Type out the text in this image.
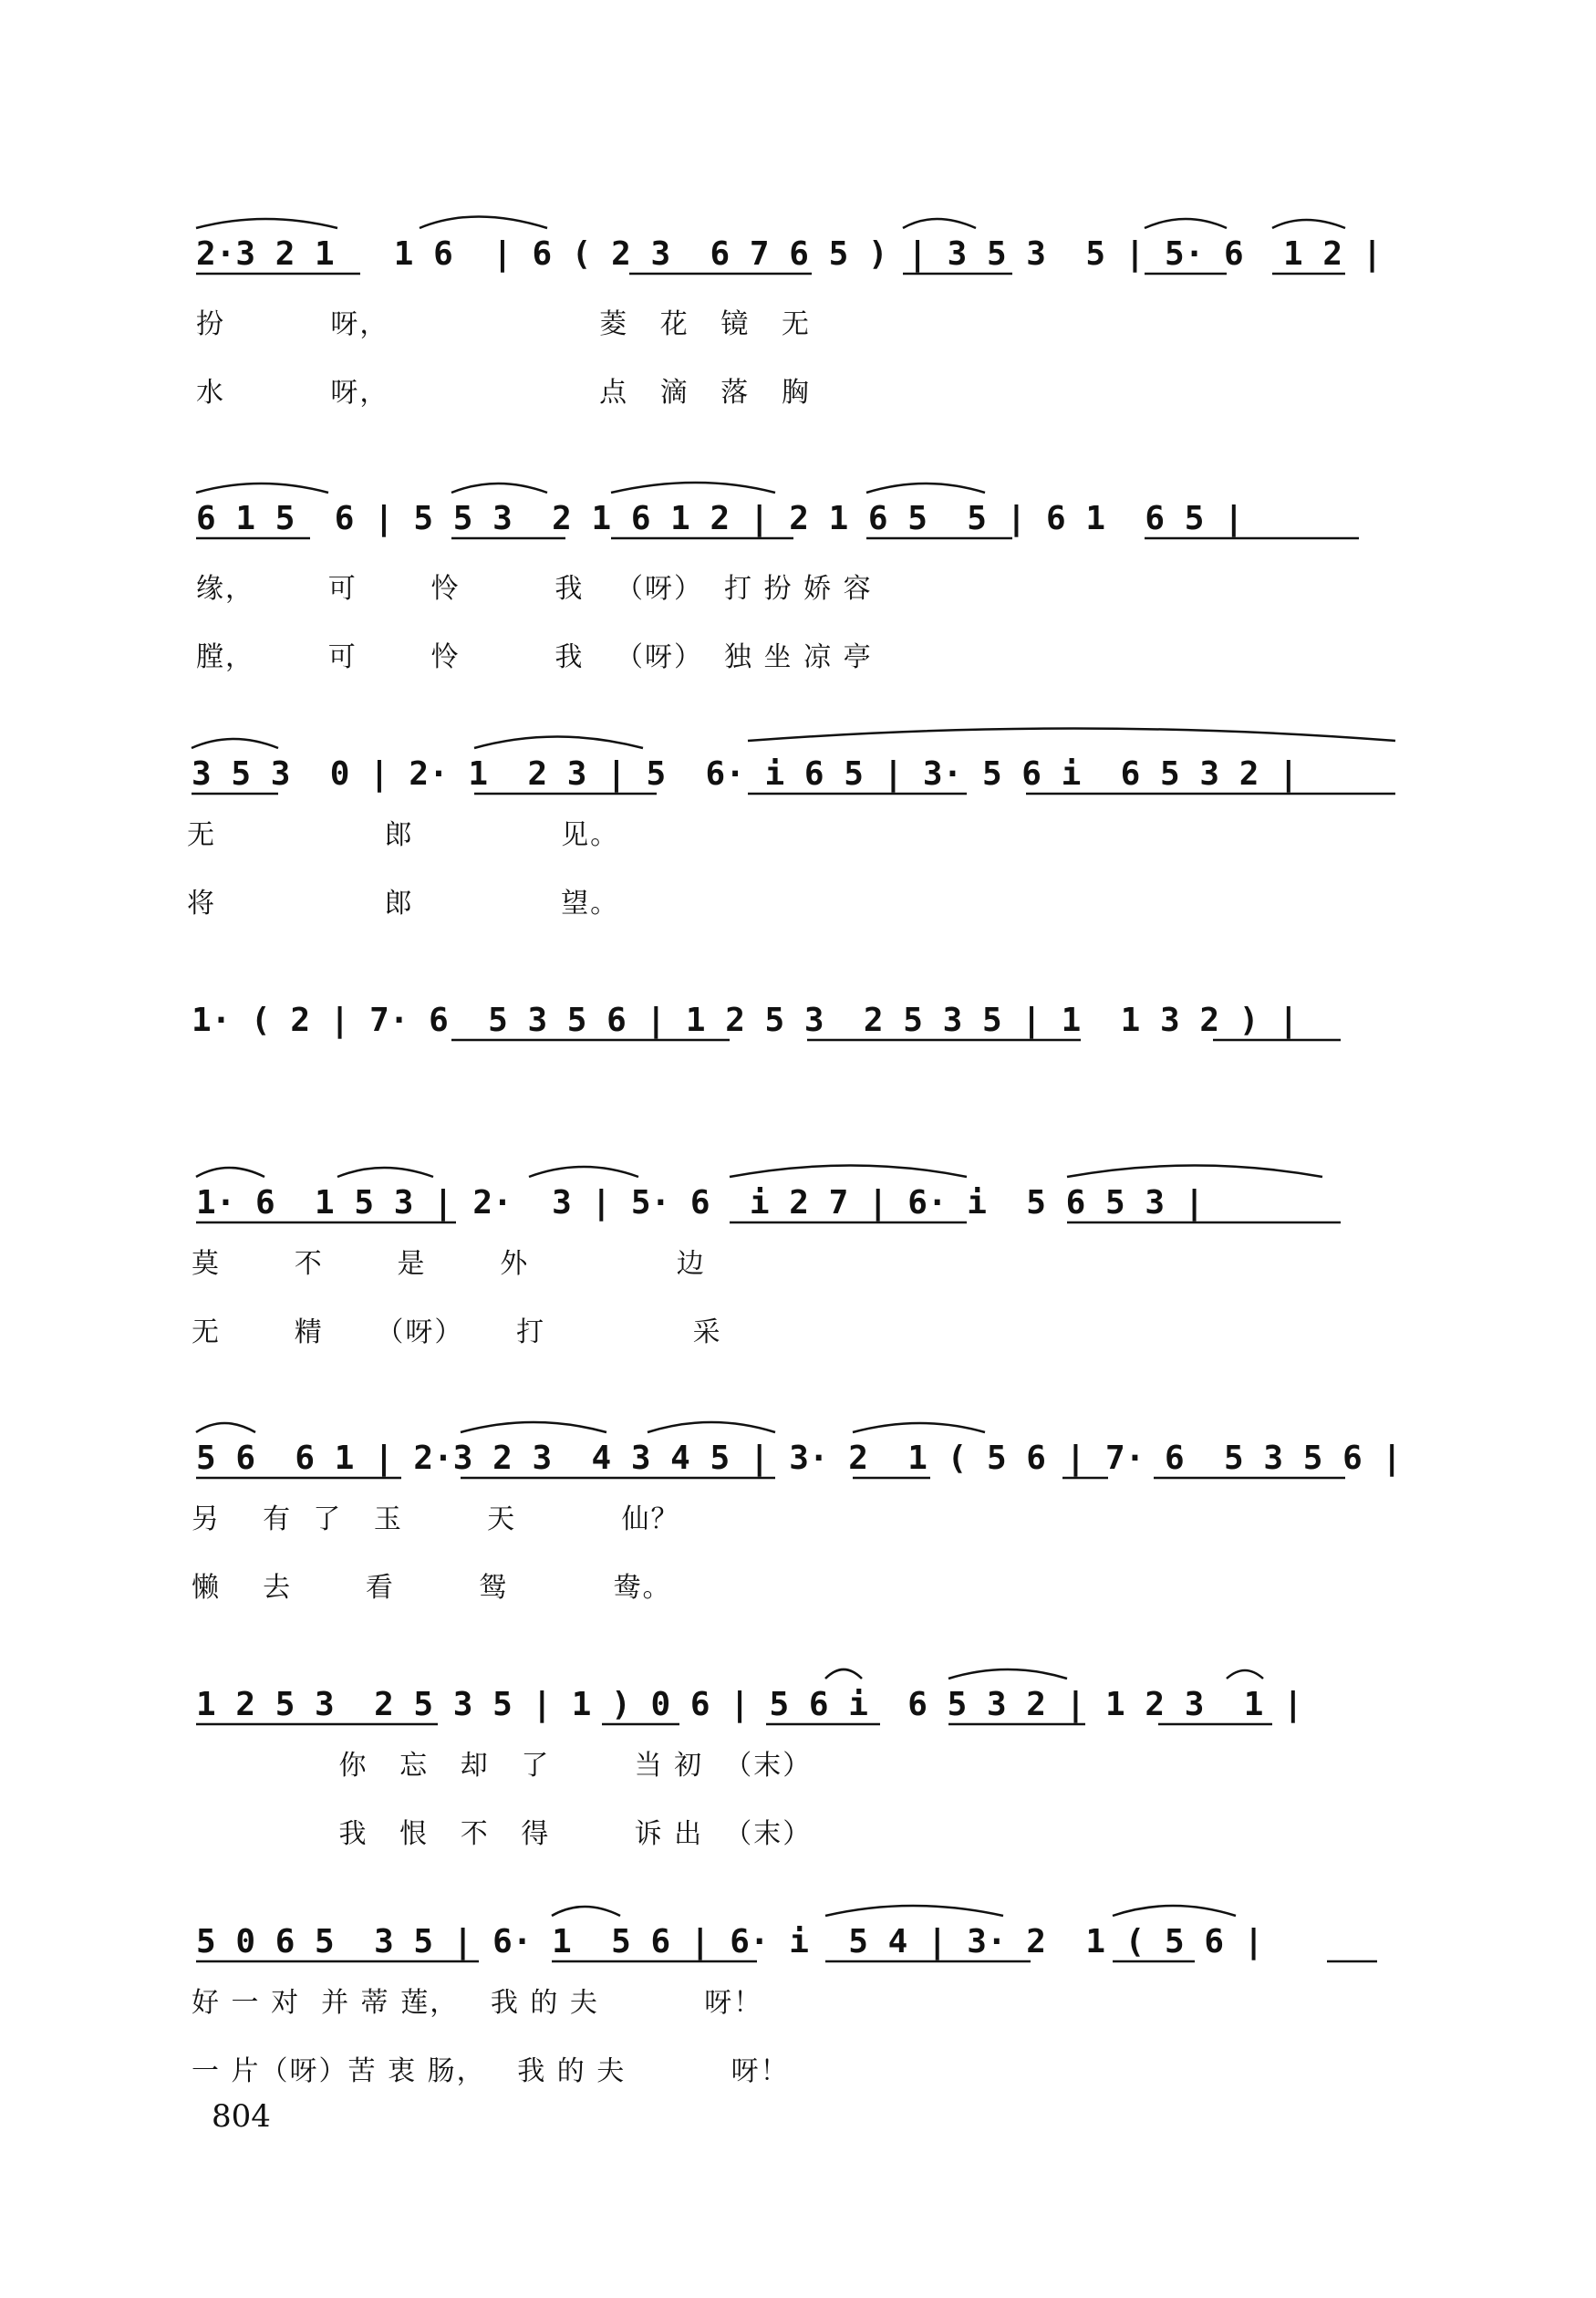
2·3 2 1   1 6  | 6 ( 2 3  6 7 6 5 ) | 3 5 3  5 | 5· 6  1 2 |
扮          呀，                    菱   花   镜   无
水          呀，                    点   滴   落   胸
6 1 5  6 | 5 5 3  2 1 6 1 2 | 2 1 6 5  5 | 6 1  6 5 |
缘，       可       怜         我   （呀）  打 扮 娇 容
膛，       可       怜         我   （呀）  独 坐 凉 亭
3 5 3  0 | 2· 1  2 3 | 5  6· i 6 5 | 3· 5 6 i  6 5 3 2 |
无                郎              见。
将                郎              望。
1· ( 2 | 7· 6  5 3 5 6 | 1 2 5 3  2 5 3 5 | 1  1 3 2 ) |
1· 6  1 5 3 | 2·  3 | 5· 6  i 2 7 | 6· i  5 6 5 3 |
莫       不       是       外              边
无       精     （呀）     打              采
5 6  6 1 | 2·3 2 3  4 3 4 5 | 3· 2  1 ( 5 6 | 7· 6  5 3 5 6 |
另    有  了   玉        天          仙？
懒    去       看        鸳          鸯。
1 2 5 3  2 5 3 5 | 1 ) 0 6 | 5 6 i  6 5 3 2 | 1 2 3  1 |
你   忘   却   了        当 初  （末）
我   恨   不   得        诉 出  （末）
5 0 6 5  3 5 | 6· 1  5 6 | 6· i  5 4 | 3· 2  1 ( 5 6 |
好 一 对  并 蒂 莲，   我 的 夫          呀！
一 片（呀）苦 衷 肠，   我 的 夫          呀！
804
